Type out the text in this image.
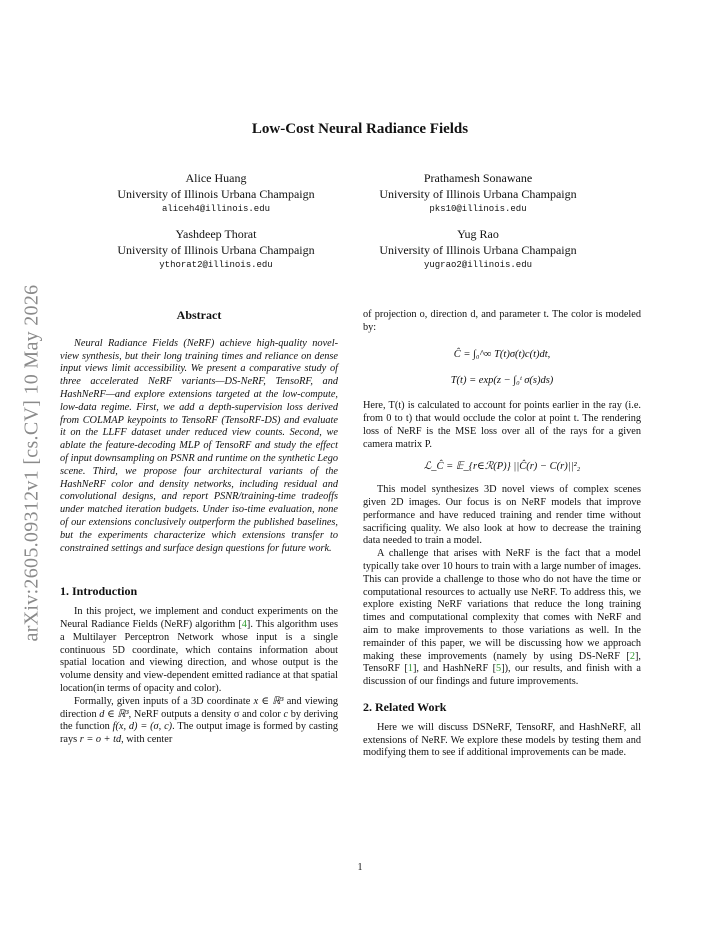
arXiv:2605.09312v1 [cs.CV] 10 May 2026
Low-Cost Neural Radiance Fields
Alice Huang
University of Illinois Urbana Champaign
aliceh4@illinois.edu
Prathamesh Sonawane
University of Illinois Urbana Champaign
pks10@illinois.edu
Yashdeep Thorat
University of Illinois Urbana Champaign
ythorat2@illinois.edu
Yug Rao
University of Illinois Urbana Champaign
yugrao2@illinois.edu
Abstract

Neural Radiance Fields (NeRF) achieve high-quality novel-view synthesis, but their long training times and reliance on dense input views limit accessibility. We present a comparative study of three accelerated NeRF variants—DS-NeRF, TensoRF, and HashNeRF—and explore extensions targeted at the low-compute, low-data regime. First, we add a depth-supervision loss derived from COLMAP keypoints to TensoRF (TensoRF-DS) and evaluate it on the LLFF dataset under reduced view counts. Second, we ablate the feature-decoding MLP of TensoRF and study the effect of input downsampling on PSNR and runtime on the synthetic Lego scene. Third, we propose four architectural variants of the HashNeRF color and density networks, including residual and convolutional designs, and report PSNR/training-time tradeoffs under matched iteration budgets. Under iso-time evaluation, none of our extensions conclusively outperform the published baselines, but the experiments characterize which extensions transfer to constrained settings and surface design questions for future work.

1. Introduction

In this project, we implement and conduct experiments on the Neural Radiance Fields (NeRF) algorithm [4]. This algorithm uses a Multilayer Perceptron Network whose input is a single continuous 5D coordinate, which contains information about spatial location and viewing direction, and whose output is the volume density and view-dependent emitted radiance at that spatial location(in terms of opacity and color).

Formally, given inputs of a 3D coordinate x ∈ ℝ³ and viewing direction d ∈ ℝ³, NeRF outputs a density σ and color c by deriving the function f(x, d) = (σ, c). The output image is formed by casting rays r = o + td, with center

of projection o, direction d, and parameter t. The color is modeled by:

Ĉ = ∫₀^∞ T(t)σ(t)c(t)dt,
T(t) = exp(z − ∫₀ᵗ σ(s)ds)

Here, T(t) is calculated to account for points earlier in the ray (i.e. from 0 to t) that would occlude the color at point t. The rendering loss of NeRF is the MSE loss over all of the rays for a given camera matrix P.

ℒ_Ĉ = 𝔼_{r∈ℛ(P)} ||Ĉ(r) − C(r)||²₂

This model synthesizes 3D novel views of complex scenes given 2D images. Our focus is on NeRF models that improve performance and have reduced training and render time without sacrificing quality. We also look at how to decrease the training data needed to train a model.

A challenge that arises with NeRF is the fact that a model typically take over 10 hours to train with a large number of images. This can provide a challenge to those who do not have the time or computational resources to actually use NeRF. To address this, we explore existing NeRF variations that reduce the long training times and computational complexity that comes with NeRF and aim to make improvements to those variations as well. In the remainder of this paper, we will be discussing how we approach making these improvements (namely by using DS-NeRF [2], TensoRF [1], and HashNeRF [5]), our results, and finish with a discussion of our findings and future improvements.

2. Related Work

Here we will discuss DSNeRF, TensoRF, and HashNeRF, all extensions of NeRF. We explore these models by testing them and modifying them to see if additional improvements can be made.

1
